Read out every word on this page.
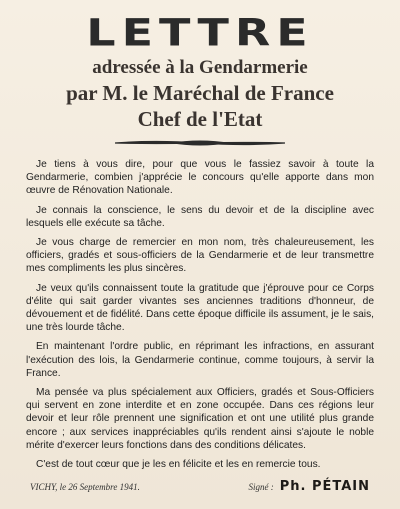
LETTRE

adressée à la Gendarmerie

par M. le Maréchal de France

Chef de l'Etat

Je tiens à vous dire, pour que vous le fassiez savoir à toute la Gendarmerie, combien j'apprécie le concours qu'elle apporte dans mon œuvre de Rénovation Nationale.

Je connais la conscience, le sens du devoir et de la discipline avec lesquels elle exécute sa tâche.

Je vous charge de remercier en mon nom, très chaleureusement, les officiers, gradés et sous-officiers de la Gendarmerie et de leur transmettre mes compliments les plus sincères.

Je veux qu'ils connaissent toute la gratitude que j'éprouve pour ce Corps d'élite qui sait garder vivantes ses anciennes traditions d'honneur, de dévouement et de fidélité. Dans cette époque difficile ils assument, je le sais, une très lourde tâche.

En maintenant l'ordre public, en réprimant les infractions, en assurant l'exécution des lois, la Gendarmerie continue, comme toujours, à servir la France.

Ma pensée va plus spécialement aux Officiers, gradés et Sous-Officiers qui servent en zone interdite et en zone occupée. Dans ces régions leur devoir et leur rôle prennent une signification et ont une utilité plus grande encore ; aux services inappréciables qu'ils rendent ainsi s'ajoute le noble mérite d'exercer leurs fonctions dans des conditions délicates.

C'est de tout cœur que je les en félicite et les en remercie tous.

VICHY, le 26 Septembre 1941.	Signé : Ph. PÉTAIN
